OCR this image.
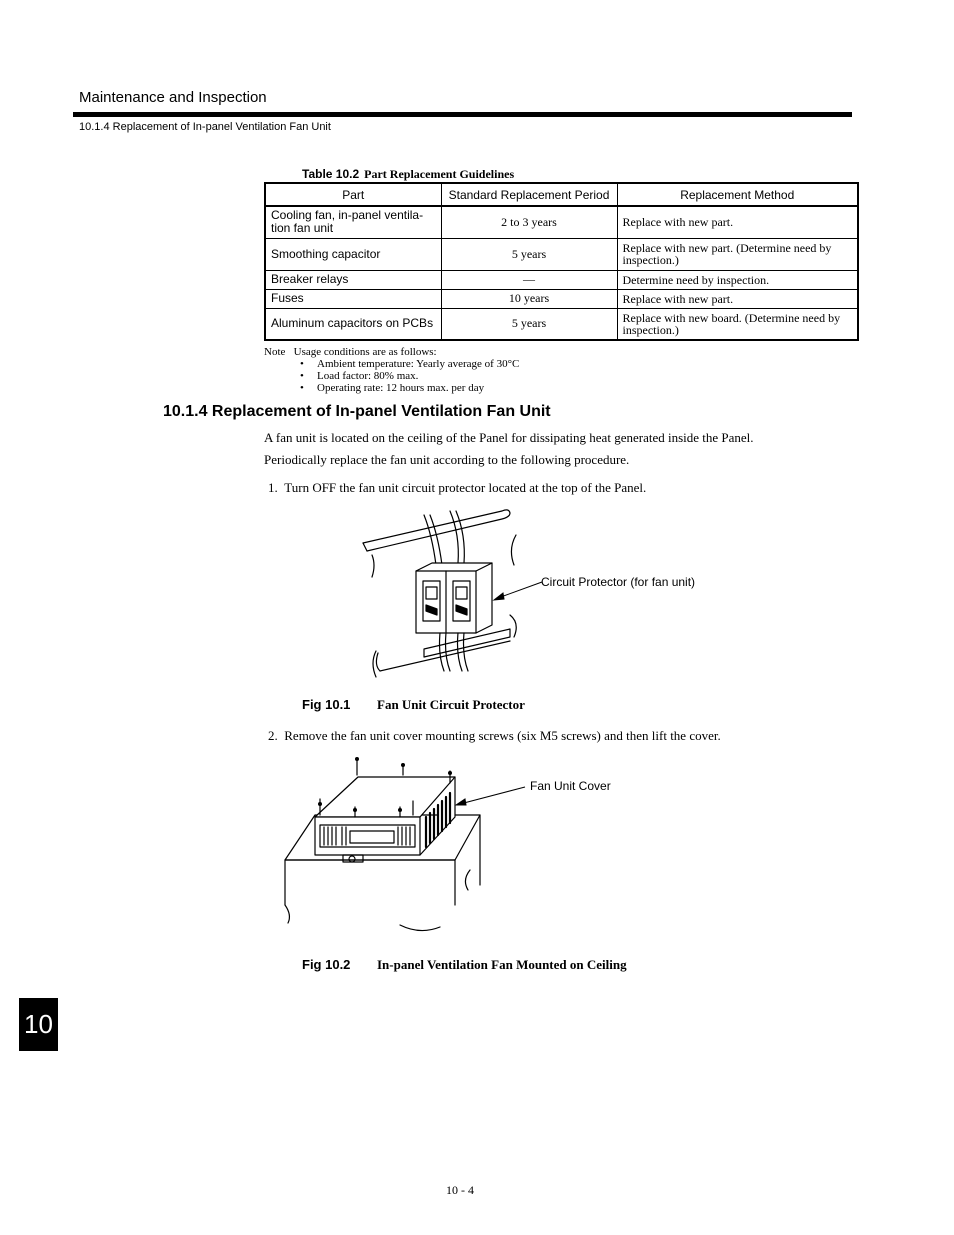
Maintenance and Inspection
10.1.4 Replacement of In-panel Ventilation Fan Unit
Table 10.2 Part Replacement Guidelines
Part	Standard Replacement Period	Replacement Method
Cooling fan, in-panel ventila-tion fan unit	2 to 3 years	Replace with new part.
Smoothing capacitor	5 years	Replace with new part. (Determine need by inspection.)
Breaker relays	—	Determine need by inspection.
Fuses	10 years	Replace with new part.
Aluminum capacitors on PCBs	5 years	Replace with new board. (Determine need by inspection.)
Note Usage conditions are as follows:
• Ambient temperature: Yearly average of 30°C
• Load factor: 80% max.
• Operating rate: 12 hours max. per day
10.1.4 Replacement of In-panel Ventilation Fan Unit
A fan unit is located on the ceiling of the Panel for dissipating heat generated inside the Panel.
Periodically replace the fan unit according to the following procedure.
1. Turn OFF the fan unit circuit protector located at the top of the Panel.
Circuit Protector (for fan unit)
Fig 10.1 Fan Unit Circuit Protector
2. Remove the fan unit cover mounting screws (six M5 screws) and then lift the cover.
Fan Unit Cover
Fig 10.2 In-panel Ventilation Fan Mounted on Ceiling
10
10 - 4
